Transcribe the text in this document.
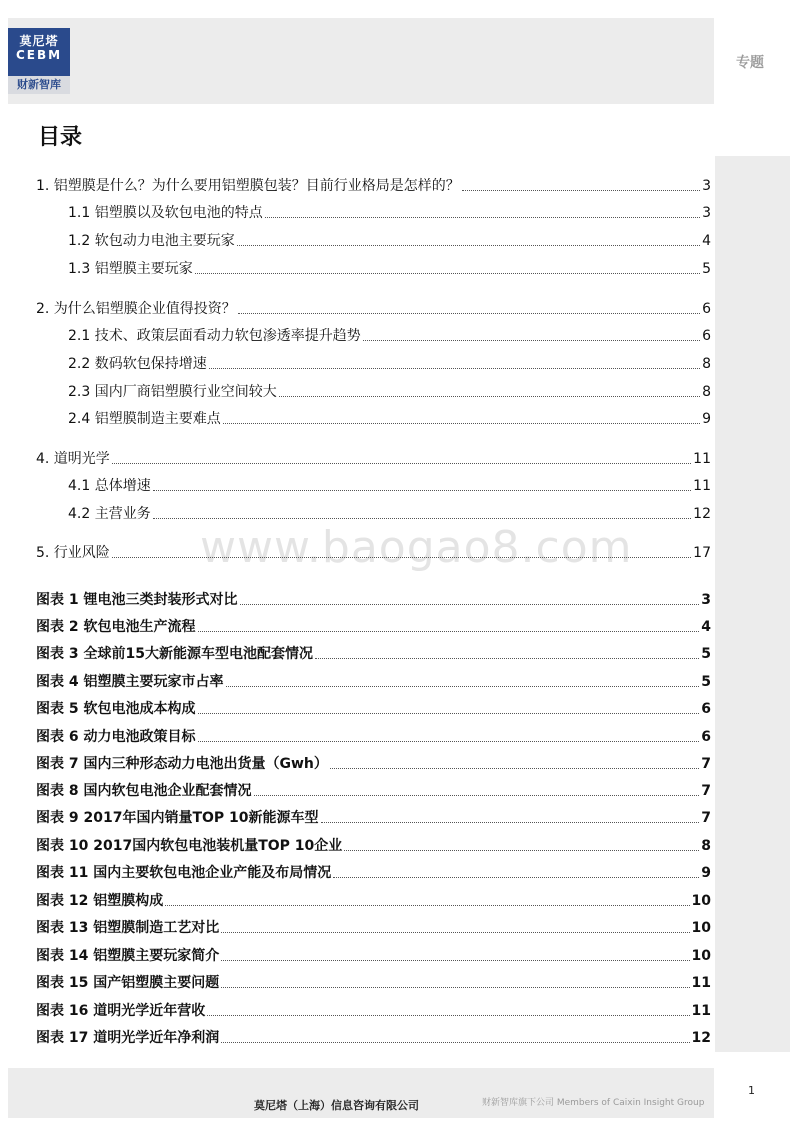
莫尼塔
CEBM
财新智库
专题
www.baogao8.com
目录
1. 铝塑膜是什么？为什么要用铝塑膜包装？目前行业格局是怎样的？	3
1.1 铝塑膜以及软包电池的特点	3
1.2 软包动力电池主要玩家	4
1.3 铝塑膜主要玩家	5
2. 为什么铝塑膜企业值得投资？	6
2.1 技术、政策层面看动力软包渗透率提升趋势	6
2.2 数码软包保持增速	8
2.3 国内厂商铝塑膜行业空间较大	8
2.4 铝塑膜制造主要难点	9
4. 道明光学	11
4.1 总体增速	11
4.2 主营业务	12
5. 行业风险	17
图表 1 锂电池三类封装形式对比	3
图表 2 软包电池生产流程	4
图表 3 全球前15大新能源车型电池配套情况	5
图表 4 铝塑膜主要玩家市占率	5
图表 5 软包电池成本构成	6
图表 6 动力电池政策目标	6
图表 7 国内三种形态动力电池出货量（Gwh）	7
图表 8 国内软包电池企业配套情况	7
图表 9 2017年国内销量TOP 10新能源车型	7
图表 10 2017国内软包电池装机量TOP 10企业	8
图表 11 国内主要软包电池企业产能及布局情况	9
图表 12 铝塑膜构成	10
图表 13 铝塑膜制造工艺对比	10
图表 14 铝塑膜主要玩家简介	10
图表 15 国产铝塑膜主要问题	11
图表 16 道明光学近年营收	11
图表 17 道明光学近年净利润	12
莫尼塔（上海）信息咨询有限公司	财新智库旗下公司 Members of Caixin Insight Group
1
